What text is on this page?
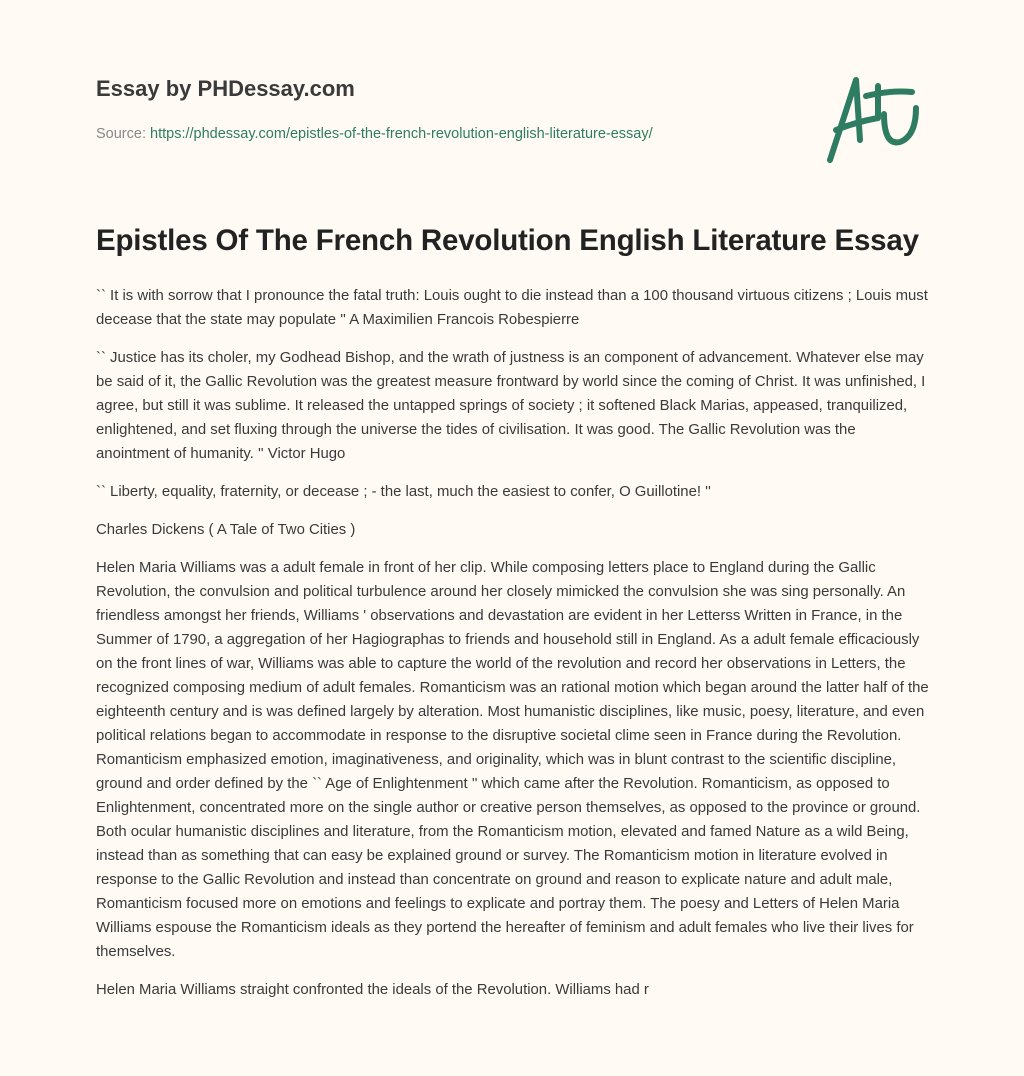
Essay by PHDessay.com
Source: https://phdessay.com/epistles-of-the-french-revolution-english-literature-essay/
Epistles Of The French Revolution English Literature Essay

`` It is with sorrow that I pronounce the fatal truth: Louis ought to die instead than a 100 thousand virtuous citizens ; Louis must decease that the state may populate '' A Maximilien Francois Robespierre

`` Justice has its choler, my Godhead Bishop, and the wrath of justness is an component of advancement. Whatever else may be said of it, the Gallic Revolution was the greatest measure frontward by world since the coming of Christ. It was unfinished, I agree, but still it was sublime. It released the untapped springs of society ; it softened Black Marias, appeased, tranquilized, enlightened, and set fluxing through the universe the tides of civilisation. It was good. The Gallic Revolution was the anointment of humanity. '' Victor Hugo

`` Liberty, equality, fraternity, or decease ; - the last, much the easiest to confer, O Guillotine! ''

Charles Dickens ( A Tale of Two Cities )

Helen Maria Williams was a adult female in front of her clip. While composing letters place to England during the Gallic Revolution, the convulsion and political turbulence around her closely mimicked the convulsion she was sing personally. An friendless amongst her friends, Williams ' observations and devastation are evident in her Letterss Written in France, in the Summer of 1790, a aggregation of her Hagiographas to friends and household still in England. As a adult female efficaciously on the front lines of war, Williams was able to capture the world of the revolution and record her observations in Letters, the recognized composing medium of adult females. Romanticism was an rational motion which began around the latter half of the eighteenth century and is was defined largely by alteration. Most humanistic disciplines, like music, poesy, literature, and even political relations began to accommodate in response to the disruptive societal clime seen in France during the Revolution. Romanticism emphasized emotion, imaginativeness, and originality, which was in blunt contrast to the scientific discipline, ground and order defined by the `` Age of Enlightenment '' which came after the Revolution. Romanticism, as opposed to Enlightenment, concentrated more on the single author or creative person themselves, as opposed to the province or ground. Both ocular humanistic disciplines and literature, from the Romanticism motion, elevated and famed Nature as a wild Being, instead than as something that can easy be explained ground or survey. The Romanticism motion in literature evolved in response to the Gallic Revolution and instead than concentrate on ground and reason to explicate nature and adult male, Romanticism focused more on emotions and feelings to explicate and portray them. The poesy and Letters of Helen Maria Williams espouse the Romanticism ideals as they portend the hereafter of feminism and adult females who live their lives for themselves.

Helen Maria Williams straight confronted the ideals of the Revolution. Williams had r
